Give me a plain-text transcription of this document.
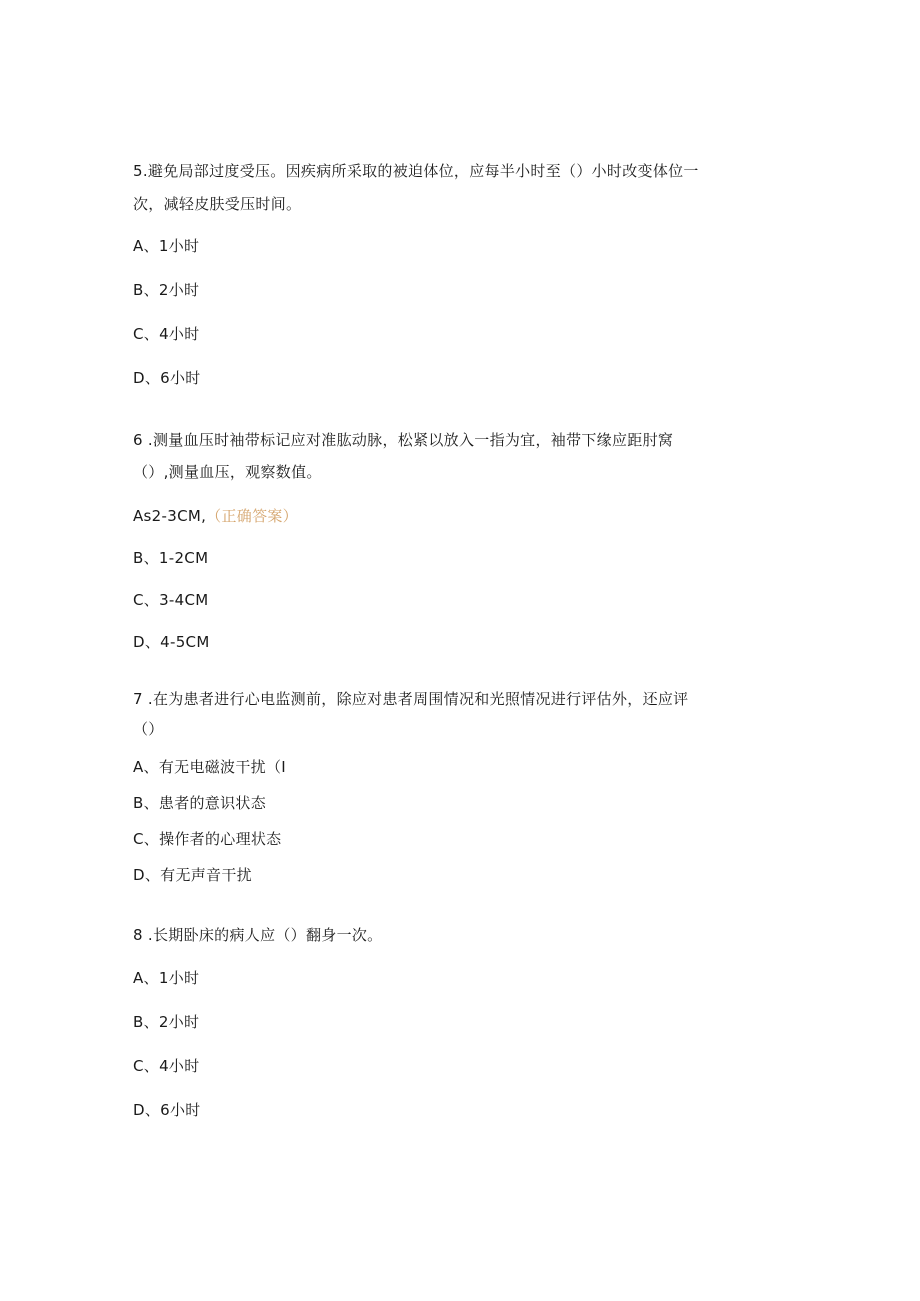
5.避免局部过度受压。因疾病所采取的被迫体位，应每半小时至（）小时改变体位一
次，减轻皮肤受压时间。
A、1小时
B、2小时
C、4小时
D、6小时
6 .测量血压时袖带标记应对准肱动脉，松紧以放入一指为宜，袖带下缘应距肘窝
（）,测量血压，观察数值。
As2-3CM,（正确答案）
B、1-2CM
C、3-4CM
D、4-5CM
7 .在为患者进行心电监测前，除应对患者周围情况和光照情况进行评估外，还应评
（）
A、有无电磁波干扰（I
B、患者的意识状态
C、操作者的心理状态
D、有无声音干扰
8 .长期卧床的病人应（）翻身一次。
A、1小时
B、2小时
C、4小时
D、6小时
